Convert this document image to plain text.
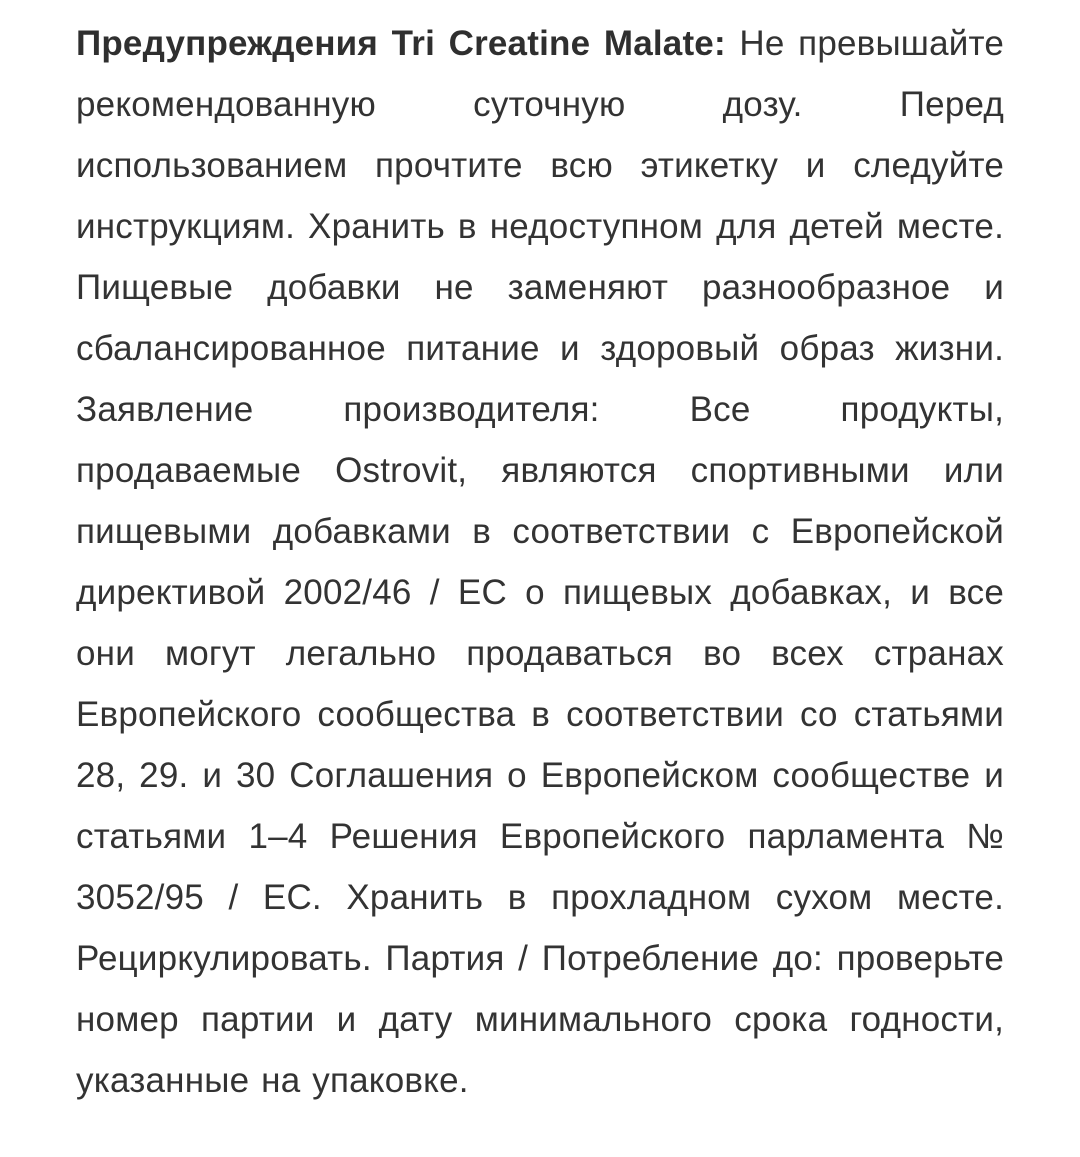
Предупреждения Tri Creatine Malate: Не превышайте рекомендованную суточную дозу. Перед использованием прочтите всю этикетку и следуйте инструкциям. Хранить в недоступном для детей месте. Пищевые добавки не заменяют разнообразное и сбалансированное питание и здоровый образ жизни. Заявление производителя: Все продукты, продаваемые Ostrovit, являются спортивными или пищевыми добавками в соответствии с Европейской директивой 2002/46 / ЕС о пищевых добавках, и все они могут легально продаваться во всех странах Европейского сообщества в соответствии со статьями 28, 29. и 30 Соглашения о Европейском сообществе и статьями 1–4 Решения Европейского парламента № 3052/95 / ЕС. Хранить в прохладном сухом месте. Рециркулировать. Партия / Потребление до: проверьте номер партии и дату минимального срока годности, указанные на упаковке.
